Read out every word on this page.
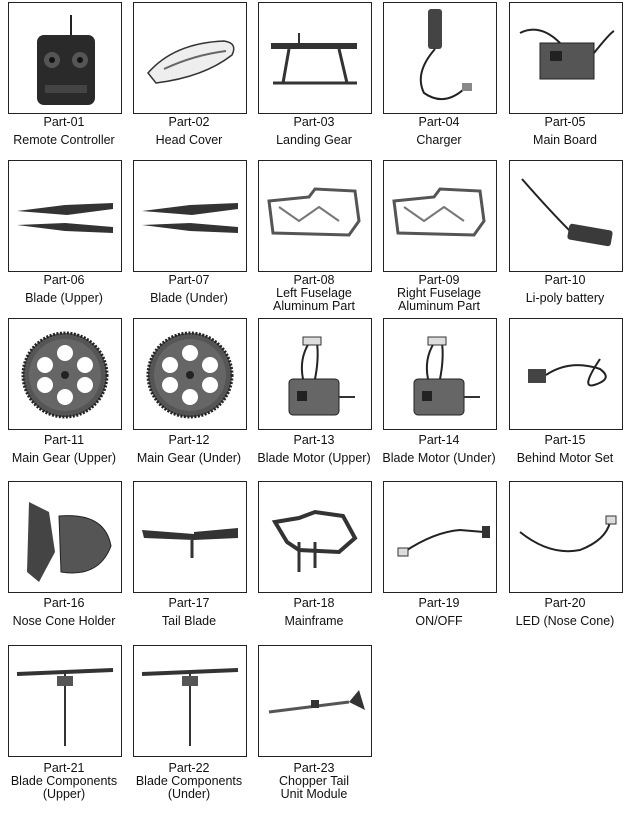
Part-01
Remote Controller
Part-02
Head Cover
Part-03
Landing Gear
Part-04
Charger
Part-05
Main Board
Part-06
Blade (Upper)
Part-07
Blade (Under)
Part-08
Left Fuselage
Aluminum Part
Part-09
Right Fuselage
Aluminum Part
Part-10
Li-poly battery
Part-11
Main Gear (Upper)
Part-12
Main Gear (Under)
Part-13
Blade Motor (Upper)
Part-14
Blade Motor (Under)
Part-15
Behind Motor Set
Part-16
Nose Cone Holder
Part-17
Tail Blade
Part-18
Mainframe
Part-19
ON/OFF
Part-20
LED (Nose Cone)
Part-21
Blade Components
(Upper)
Part-22
Blade Components
(Under)
Part-23
Chopper Tail
Unit Module
